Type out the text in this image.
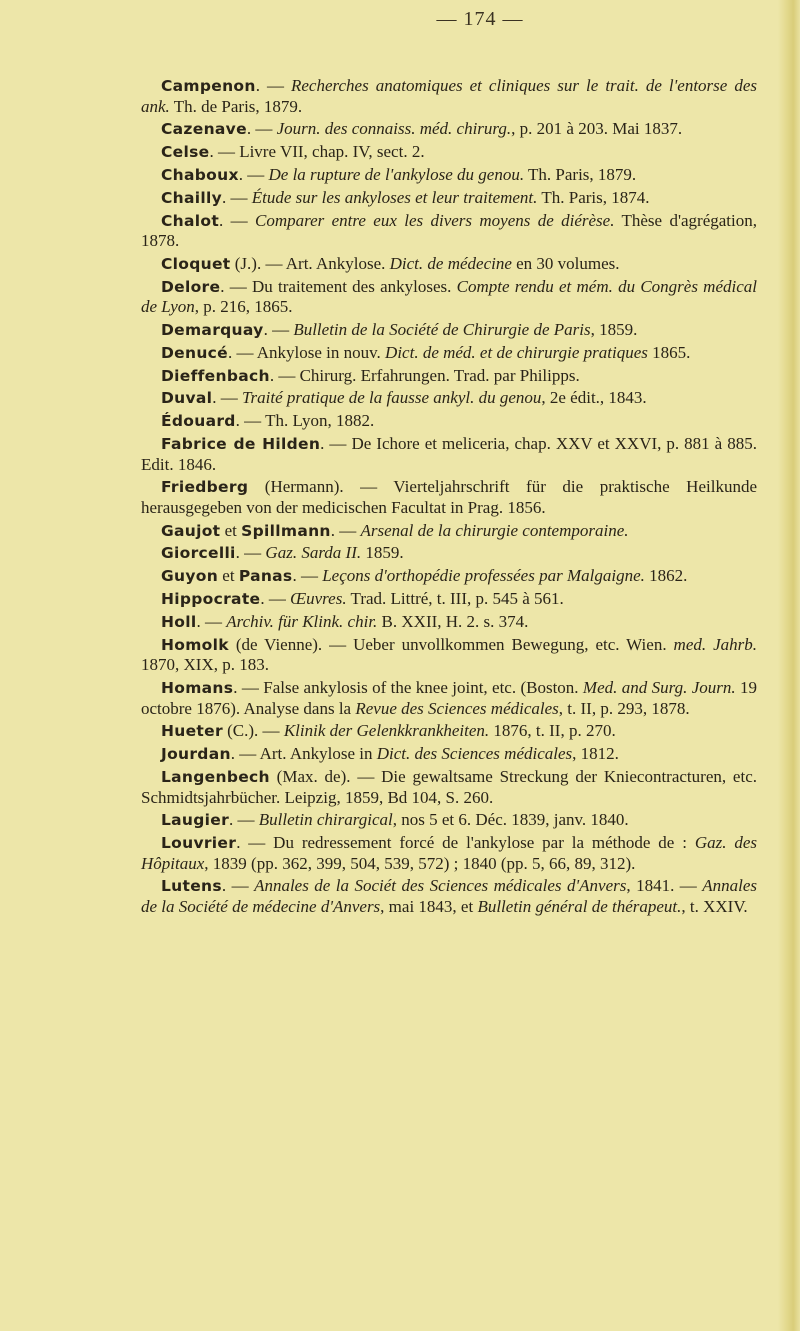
— 174 —

Campenon. — Recherches anatomiques et cliniques sur le trait. de l'entorse des ank. Th. de Paris, 1879.

Cazenave. — Journ. des connaiss. méd. chirurg., p. 201 à 203. Mai 1837.

Celse. — Livre VII, chap. IV, sect. 2.

Chaboux. — De la rupture de l'ankylose du genou. Th. Paris, 1879.

Chailly. — Étude sur les ankyloses et leur traitement. Th. Paris, 1874.

Chalot. — Comparer entre eux les divers moyens de diérèse. Thèse d'agrégation, 1878.

Cloquet (J.). — Art. Ankylose. Dict. de médecine en 30 volumes.

Delore. — Du traitement des ankyloses. Compte rendu et mém. du Congrès médical de Lyon, p. 216, 1865.

Demarquay. — Bulletin de la Société de Chirurgie de Paris, 1859.

Denucé. — Ankylose in nouv. Dict. de méd. et de chirurgie pratiques 1865.

Dieffenbach. — Chirurg. Erfahrungen. Trad. par Philipps.

Duval. — Traité pratique de la fausse ankyl. du genou, 2e édit., 1843.

Édouard. — Th. Lyon, 1882.

Fabrice de Hilden. — De Ichore et meliceria, chap. XXV et XXVI, p. 881 à 885. Edit. 1846.

Friedberg (Hermann). — Vierteljahrschrift für die praktische Heilkunde herausgegeben von der medicischen Facultat in Prag. 1856.

Gaujot et Spillmann. — Arsenal de la chirurgie contemporaine.

Giorcelli. — Gaz. Sarda II. 1859.

Guyon et Panas. — Leçons d'orthopédie professées par Malgaigne. 1862.

Hippocrate. — Œuvres. Trad. Littré, t. III, p. 545 à 561.

Holl. — Archiv. für Klink. chir. B. XXII, H. 2. s. 374.

Homolk (de Vienne). — Ueber unvollkommen Bewegung, etc. Wien. med. Jahrb. 1870, XIX, p. 183.

Homans. — False ankylosis of the knee joint, etc. (Boston. Med. and Surg. Journ. 19 octobre 1876). Analyse dans la Revue des Sciences médicales, t. II, p. 293, 1878.

Hueter (C.). — Klinik der Gelenkkrankheiten. 1876, t. II, p. 270.

Jourdan. — Art. Ankylose in Dict. des Sciences médicales, 1812.

Langenbech (Max. de). — Die gewaltsame Streckung der Kniecontracturen, etc. Schmidtsjahrbücher. Leipzig, 1859, Bd 104, S. 260.

Laugier. — Bulletin chirargical, nos 5 et 6. Déc. 1839, janv. 1840.

Louvrier. — Du redressement forcé de l'ankylose par la méthode de : Gaz. des Hôpitaux, 1839 (pp. 362, 399, 504, 539, 572) ; 1840 (pp. 5, 66, 89, 312).

Lutens. — Annales de la Sociét des Sciences médicales d'Anvers, 1841. — Annales de la Société de médecine d'Anvers, mai 1843, et Bulletin général de thérapeut., t. XXIV.
